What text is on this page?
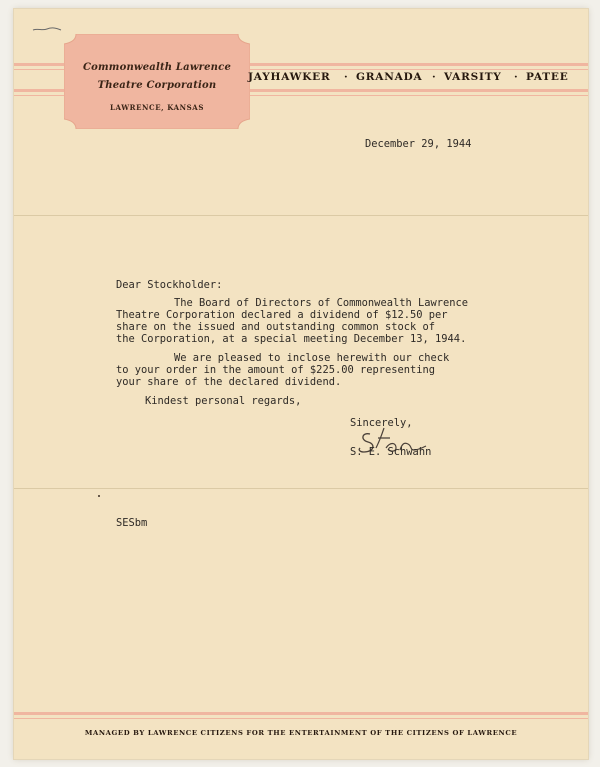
Commonwealth Lawrence
Theatre Corporation
LAWRENCE, KANSAS
JAYHAWKER · GRANADA · VARSITY · PATEE
December 29, 1944
Dear Stockholder:
The Board of Directors of Commonwealth Lawrence
Theatre Corporation declared a dividend of $12.50 per
share on the issued and outstanding common stock of
the Corporation, at a special meeting December 13, 1944.
We are pleased to inclose herewith our check
to your order in the amount of $225.00 representing
your share of the declared dividend.
Kindest personal regards,
Sincerely,
S. E. Schwahn
SESbm
MANAGED BY LAWRENCE CITIZENS FOR THE ENTERTAINMENT OF THE CITIZENS OF LAWRENCE
